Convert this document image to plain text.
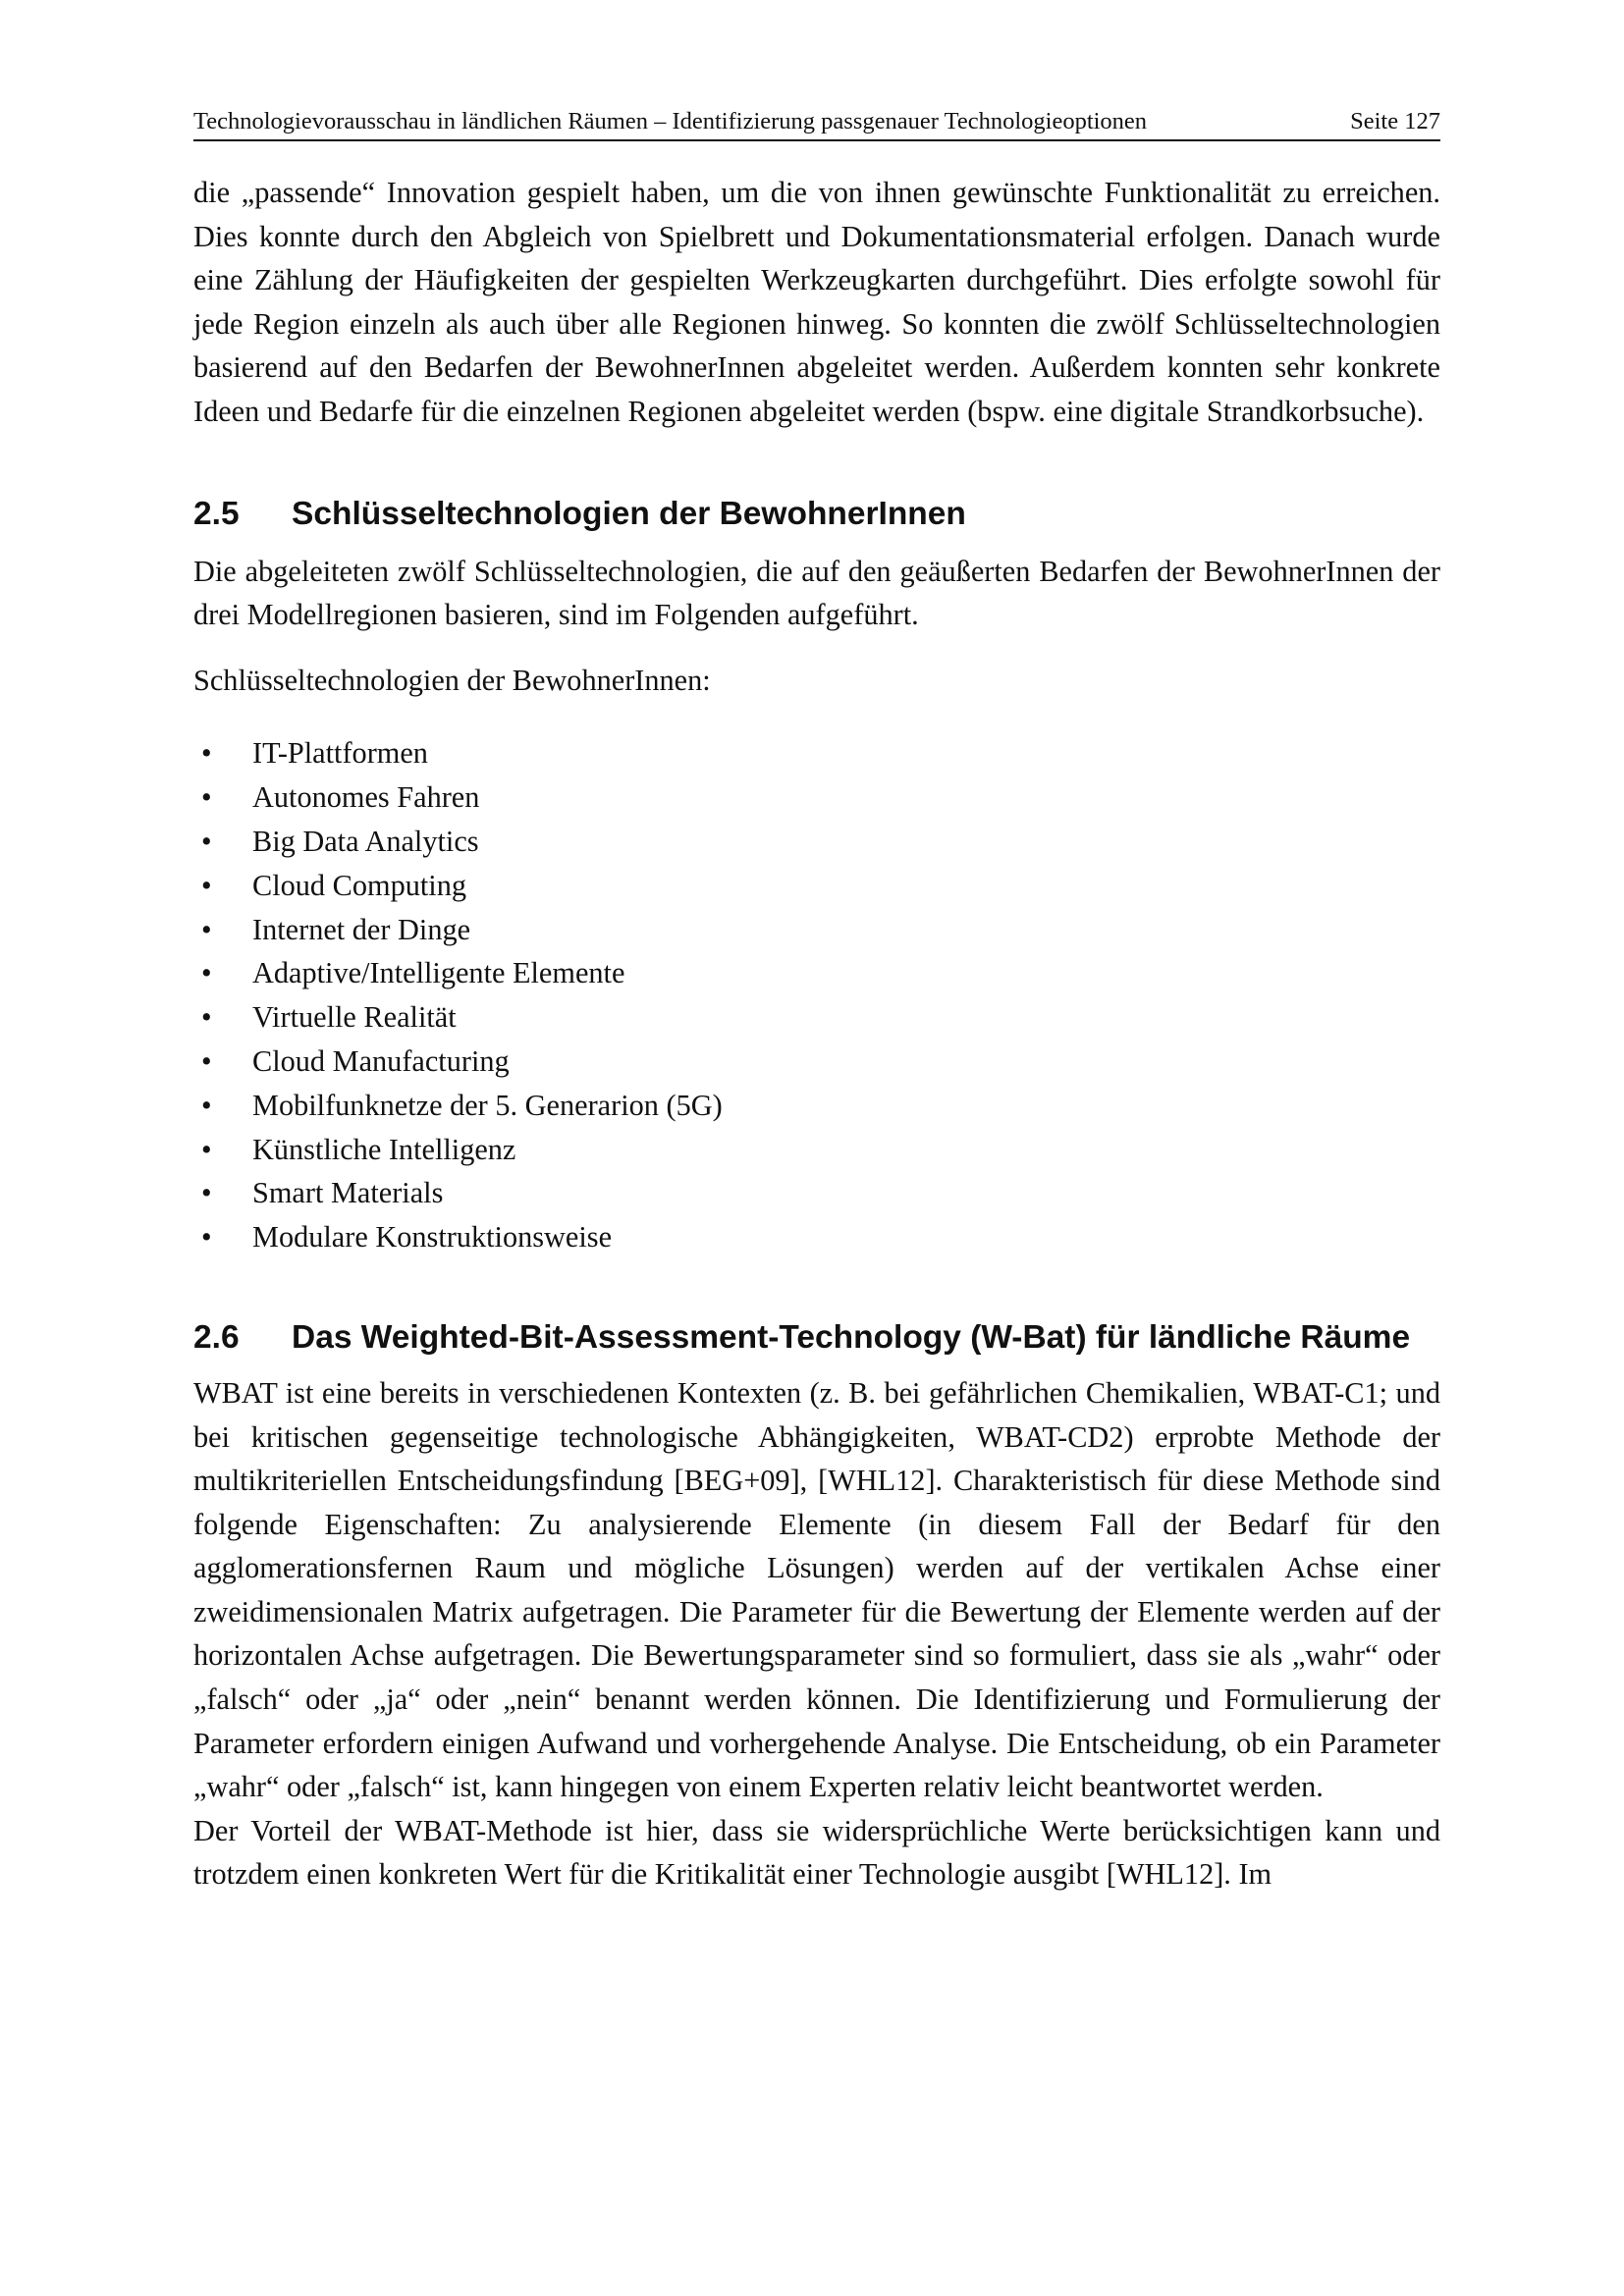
Technologievorausschau in ländlichen Räumen – Identifizierung passgenauer Technologieoptionen	Seite 127

die „passende“ Innovation gespielt haben, um die von ihnen gewünschte Funktionalität zu erreichen. Dies konnte durch den Abgleich von Spielbrett und Dokumentationsmaterial erfolgen. Danach wurde eine Zählung der Häufigkeiten der gespielten Werkzeugkarten durchgeführt. Dies erfolgte sowohl für jede Region einzeln als auch über alle Regionen hinweg. So konnten die zwölf Schlüsseltechnologien basierend auf den Bedarfen der BewohnerInnen abgeleitet werden. Außerdem konnten sehr konkrete Ideen und Bedarfe für die einzelnen Regionen abgeleitet werden (bspw. eine digitale Strandkorbsuche).

2.5	Schlüsseltechnologien der BewohnerInnen

Die abgeleiteten zwölf Schlüsseltechnologien, die auf den geäußerten Bedarfen der BewohnerInnen der drei Modellregionen basieren, sind im Folgenden aufgeführt.

Schlüsseltechnologien der BewohnerInnen:

•	IT-Plattformen
•	Autonomes Fahren
•	Big Data Analytics
•	Cloud Computing
•	Internet der Dinge
•	Adaptive/Intelligente Elemente
•	Virtuelle Realität
•	Cloud Manufacturing
•	Mobilfunknetze der 5. Generarion (5G)
•	Künstliche Intelligenz
•	Smart Materials
•	Modulare Konstruktionsweise
2.6	Das Weighted-Bit-Assessment-Technology (W-Bat) für ländliche Räume

WBAT ist eine bereits in verschiedenen Kontexten (z. B. bei gefährlichen Chemikalien, WBAT-C1; und bei kritischen gegenseitige technologische Abhängigkeiten, WBAT-CD2) erprobte Methode der multikriteriellen Entscheidungsfindung [BEG+09], [WHL12]. Charakteristisch für diese Methode sind folgende Eigenschaften: Zu analysierende Elemente (in diesem Fall der Bedarf für den agglomerationsfernen Raum und mögliche Lösungen) werden auf der vertikalen Achse einer zweidimensionalen Matrix aufgetragen. Die Parameter für die Bewertung der Elemente werden auf der horizontalen Achse aufgetragen. Die Bewertungsparameter sind so formuliert, dass sie als „wahr“ oder „falsch“ oder „ja“ oder „nein“ benannt werden können. Die Identifizierung und Formulierung der Parameter erfordern einigen Aufwand und vorhergehende Analyse. Die Entscheidung, ob ein Parameter „wahr“ oder „falsch“ ist, kann hingegen von einem Experten relativ leicht beantwortet werden.

Der Vorteil der WBAT-Methode ist hier, dass sie widersprüchliche Werte berücksichtigen kann und trotzdem einen konkreten Wert für die Kritikalität einer Technologie ausgibt [WHL12]. Im
